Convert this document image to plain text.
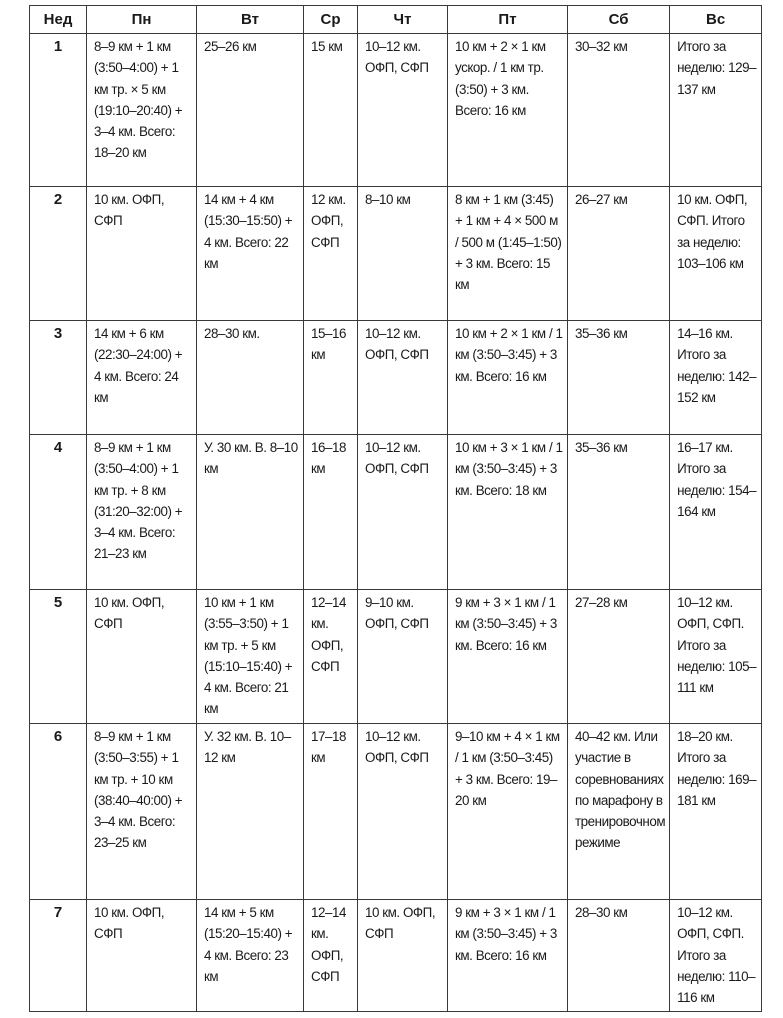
Нед	Пн	Вт	Ср	Чт	Пт	Сб	Вс
1	8–9 км + 1 км (3:50–4:00) + 1 км тр. × 5 км (19:10–20:40) + 3–4 км. Всего: 18–20 км	25–26 км	15 км	10–12 км. ОФП, СФП	10 км + 2 × 1 км ускор. / 1 км тр. (3:50) + 3 км. Всего: 16 км	30–32 км	Итого за неделю: 129–137 км
2	10 км. ОФП, СФП	14 км + 4 км (15:30–15:50) + 4 км. Всего: 22 км	12 км. ОФП, СФП	8–10 км	8 км + 1 км (3:45) + 1 км + 4 × 500 м / 500 м (1:45–1:50) + 3 км. Всего: 15 км	26–27 км	10 км. ОФП, СФП. Итого за неделю: 103–106 км
3	14 км + 6 км (22:30–24:00) + 4 км. Всего: 24 км	28–30 км.	15–16 км	10–12 км. ОФП, СФП	10 км + 2 × 1 км / 1 км (3:50–3:45) + 3 км. Всего: 16 км	35–36 км	14–16 км. Итого за неделю: 142–152 км
4	8–9 км + 1 км (3:50–4:00) + 1 км тр. + 8 км (31:20–32:00) + 3–4 км. Всего: 21–23 км	У. 30 км. В. 8–10 км	16–18 км	10–12 км. ОФП, СФП	10 км + 3 × 1 км / 1 км (3:50–3:45) + 3 км. Всего: 18 км	35–36 км	16–17 км. Итого за неделю: 154–164 км
5	10 км. ОФП, СФП	10 км + 1 км (3:55–3:50) + 1 км тр. + 5 км (15:10–15:40) + 4 км. Всего: 21 км	12–14 км. ОФП, СФП	9–10 км. ОФП, СФП	9 км + 3 × 1 км / 1 км (3:50–3:45) + 3 км. Всего: 16 км	27–28 км	10–12 км. ОФП, СФП. Итого за неделю: 105–111 км
6	8–9 км + 1 км (3:50–3:55) + 1 км тр. + 10 км (38:40–40:00) + 3–4 км. Всего: 23–25 км	У. 32 км. В. 10–12 км	17–18 км	10–12 км. ОФП, СФП	9–10 км + 4 × 1 км / 1 км (3:50–3:45) + 3 км. Всего: 19–20 км	40–42 км. Или участие в соревнованиях по марафону в тренировочном режиме	18–20 км. Итого за неделю: 169–181 км
7	10 км. ОФП, СФП	14 км + 5 км (15:20–15:40) + 4 км. Всего: 23 км	12–14 км. ОФП, СФП	10 км. ОФП, СФП	9 км + 3 × 1 км / 1 км (3:50–3:45) + 3 км. Всего: 16 км	28–30 км	10–12 км. ОФП, СФП. Итого за неделю: 110–116 км
